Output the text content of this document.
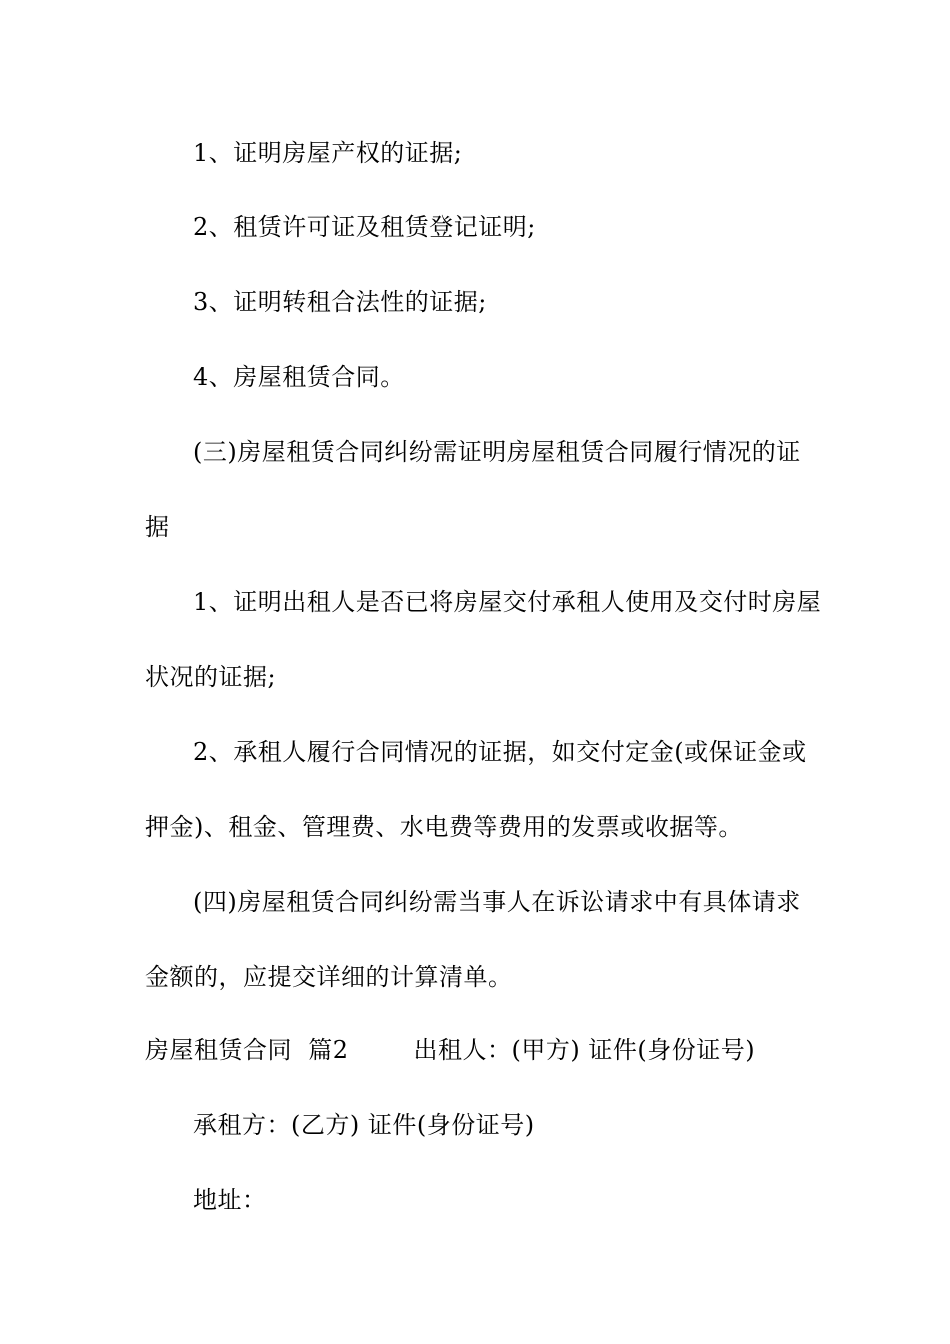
1、证明房屋产权的证据;
2、租赁许可证及租赁登记证明;
3、证明转租合法性的证据;
4、房屋租赁合同。
(三)房屋租赁合同纠纷需证明房屋租赁合同履行情况的证
据
1、证明出租人是否已将房屋交付承租人使用及交付时房屋
状况的证据;
2、承租人履行合同情况的证据，如交付定金(或保证金或
押金)、租金、管理费、水电费等费用的发票或收据等。
(四)房屋租赁合同纠纷需当事人在诉讼请求中有具体请求
金额的，应提交详细的计算清单。
房屋租赁合同  篇2        出租人：(甲方) 证件(身份证号)
承租方：(乙方) 证件(身份证号)
地址：
